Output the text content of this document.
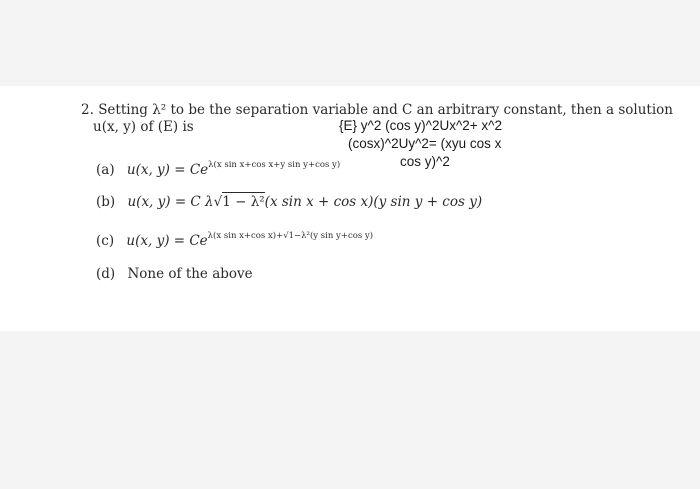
2. Setting λ² to be the separation variable and C an arbitrary constant, then a solution
u(x, y) of (E) is	{E} y^2 (cos y)^2Ux^2+ x^2
(cosx)^2Uy^2= (xyu cos x
cos y)^2
(a) u(x, $y) = Ce^{\lambda(x sin x+cos x+y sin y+cos y)}$
(b) u(x, y) = C λ√1 − λ²(x sin x + cos x)(y sin y + cos y)
(c) u(x, $y) = Ce^{\lambda(x sin x+cos x)+√1-\lambda^2(y sin y+cos y)}$
(d) None of the above
